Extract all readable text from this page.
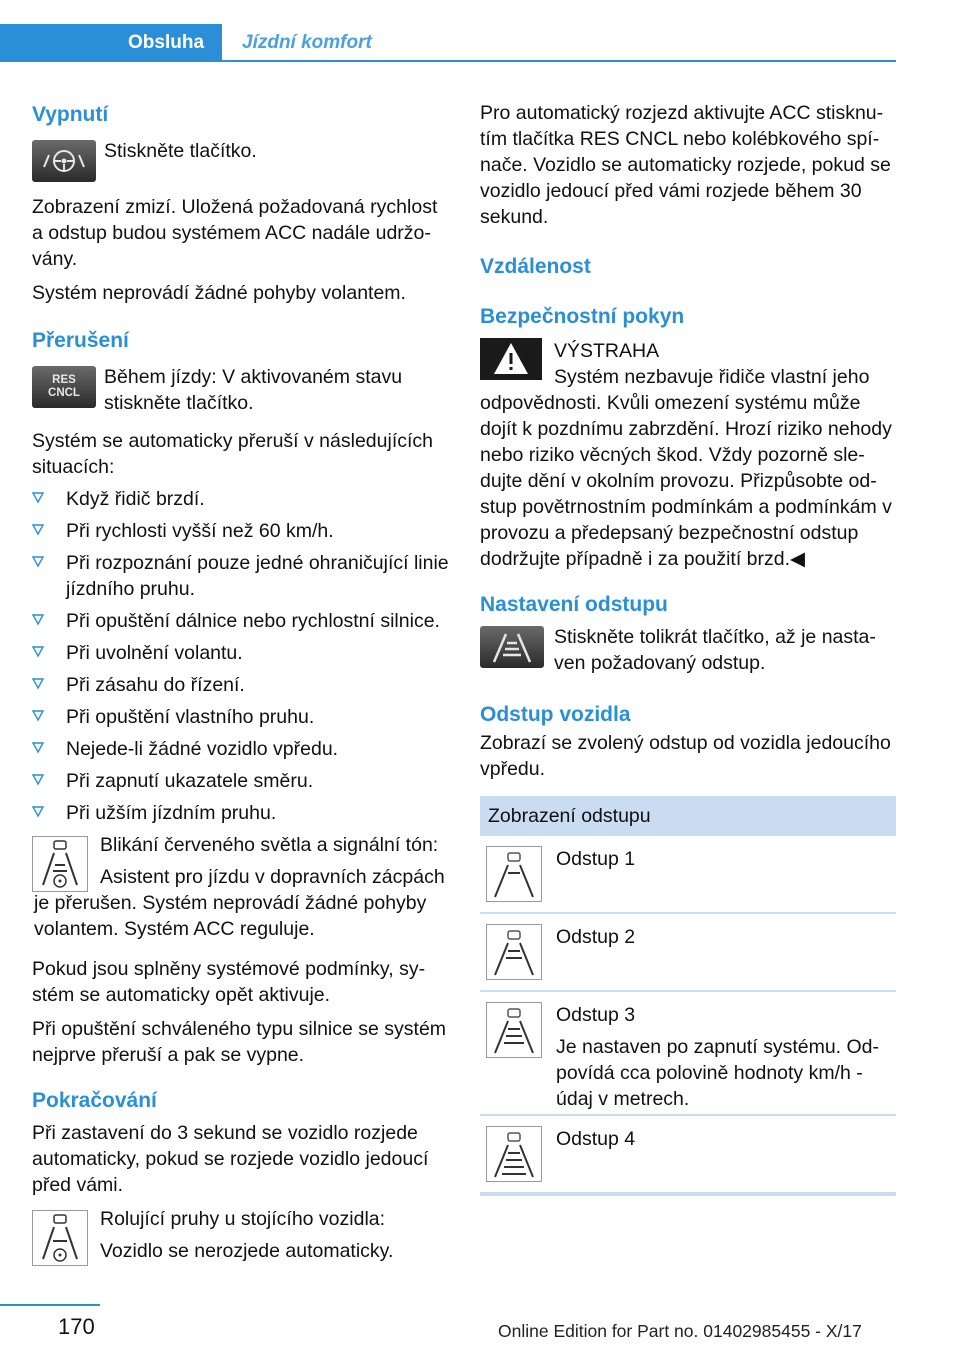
Obsluha Jízdní komfort
Vypnutí

Stiskněte tlačítko.

Zobrazení zmizí. Uložená požadovaná rychlost a odstup budou systémem ACC nadále udržovány.

Systém neprovádí žádné pohyby volantem.

Přerušení
RES
CNCL

Během jízdy: V aktivovaném stavu stiskněte tlačítko.

Systém se automaticky přeruší v následujících situacích:

Když řidič brzdí.
Při rychlosti vyšší než 60 km/h.
Při rozpoznání pouze jedné ohraničující linie jízdního pruhu.
Při opuštění dálnice nebo rychlostní silnice.
Při uvolnění volantu.
Při zásahu do řízení.
Při opuštění vlastního pruhu.
Nejede-li žádné vozidlo vpředu.
Při zapnutí ukazatele směru.
Při užším jízdním pruhu.

Blikání červeného světla a signální tón:

Asistent pro jízdu v dopravních zácpách je přerušen. Systém neprovádí žádné pohyby volantem. Systém ACC reguluje.

Pokud jsou splněny systémové podmínky, systém se automaticky opět aktivuje.

Při opuštění schváleného typu silnice se systém nejprve přeruší a pak se vypne.

Pokračování

Při zastavení do 3 sekund se vozidlo rozjede automaticky, pokud se rozjede vozidlo jedoucí před vámi.

Rolující pruhy u stojícího vozidla:

Vozidlo se nerozjede automaticky.

Pro automatický rozjezd aktivujte ACC stisknutím tlačítka RES CNCL nebo kolébkového spínače. Vozidlo se automaticky rozjede, pokud se vozidlo jedoucí před vámi rozjede během 30 sekund.

Vzdálenost
Bezpečnostní pokyn

VÝSTRAHA

Systém nezbavuje řidiče vlastní jeho odpovědnosti. Kvůli omezení systému může dojít k pozdnímu zabrzdění. Hrozí riziko nehody nebo riziko věcných škod. Vždy pozorně sledujte dění v okolním provozu. Přizpůsobte odstup povětrnostním podmínkám a podmínkám v provozu a předepsaný bezpečnostní odstup dodržujte případně i za použití brzd.◀

Nastavení odstupu

Stiskněte tolikrát tlačítko, až je nastaven požadovaný odstup.

Odstup vozidla

Zobrazí se zvolený odstup od vozidla jedoucího vpředu.

Zobrazení odstupu

Odstup 1

Odstup 2

Odstup 3

Je nastaven po zapnutí systému. Odpovídá cca polovině hodnoty km/h - údaj v metrech.

Odstup 4

170	Online Edition for Part no. 01402985455 - X/17
